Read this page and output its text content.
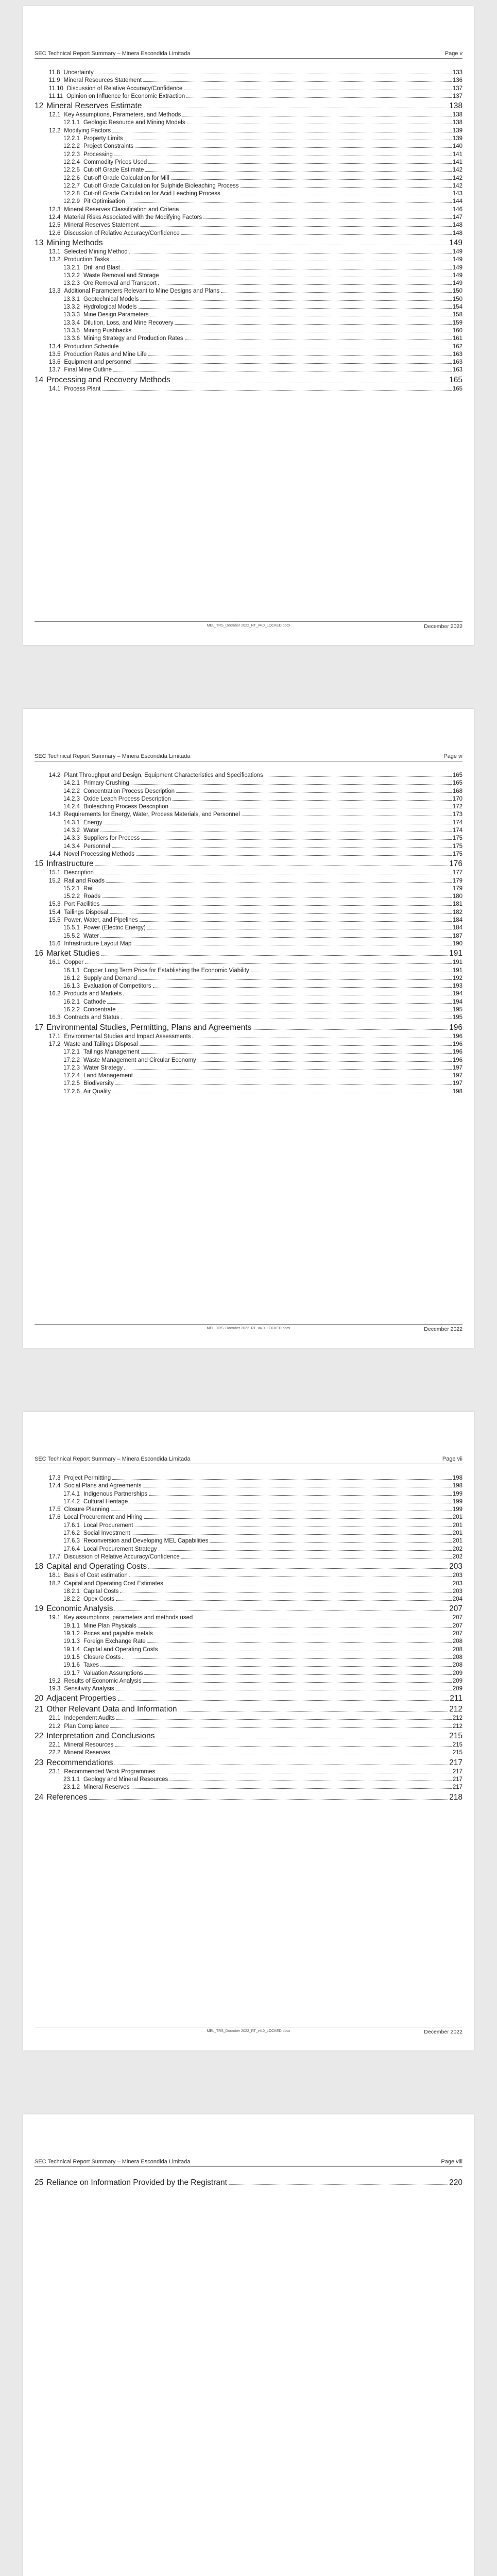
SEC Technical Report Summary – Minera Escondida Limitada	Page v
11.8 Uncertainty	133
11.9 Mineral Resources Statement	136
11.10 Discussion of Relative Accuracy/Confidence	137
11.11 Opinion on Influence for Economic Extraction	137
12 Mineral Reserves Estimate	138
12.1 Key Assumptions, Parameters, and Methods	138
12.1.1 Geologic Resource and Mining Models	138
12.2 Modifying Factors	139
12.2.1 Property Limits	139
12.2.2 Project Constraints	140
12.2.3 Processing	141
12.2.4 Commodity Prices Used	141
12.2.5 Cut-off Grade Estimate	142
12.2.6 Cut-off Grade Calculation for Mill	142
12.2.7 Cut-off Grade Calculation for Sulphide Bioleaching Process	142
12.2.8 Cut-off Grade Calculation for Acid Leaching Process	143
12.2.9 Pit Optimisation	144
12.3 Mineral Reserves Classification and Criteria	146
12.4 Material Risks Associated with the Modifying Factors	147
12.5 Mineral Reserves Statement	148
12.6 Discussion of Relative Accuracy/Confidence	148
13 Mining Methods	149
13.1 Selected Mining Method	149
13.2 Production Tasks	149
13.2.1 Drill and Blast	149
13.2.2 Waste Removal and Storage	149
13.2.3 Ore Removal and Transport	149
13.3 Additional Parameters Relevant to Mine Designs and Plans	150
13.3.1 Geotechnical Models	150
13.3.2 Hydrological Models	154
13.3.3 Mine Design Parameters	158
13.3.4 Dilution, Loss, and Mine Recovery	159
13.3.5 Mining Pushbacks	160
13.3.6 Mining Strategy and Production Rates	161
13.4 Production Schedule	162
13.5 Production Rates and Mine Life	163
13.6 Equipment and personnel	163
13.7 Final Mine Outline	163
14 Processing and Recovery Methods	165
14.1 Process Plant	165
MEL_TRS_Docmber 2022_RT_v4.0_LOCKED.docx	December 2022
SEC Technical Report Summary – Minera Escondida Limitada	Page vi
14.2 Plant Throughput and Design, Equipment Characteristics and Specifications	165
14.2.1 Primary Crushing	165
14.2.2 Concentration Process Description	168
14.2.3 Oxide Leach Process Description	170
14.2.4 Bioleaching Process Description	172
14.3 Requirements for Energy, Water, Process Materials, and Personnel	173
14.3.1 Energy	174
14.3.2 Water	174
14.3.3 Suppliers for Process	175
14.3.4 Personnel	175
14.4 Novel Processing Methods	175
15 Infrastructure	176
15.1 Description	177
15.2 Rail and Roads	179
15.2.1 Rail	179
15.2.2 Roads	180
15.3 Port Facilities	181
15.4 Tailings Disposal	182
15.5 Power, Water, and Pipelines	184
15.5.1 Power (Electric Energy)	184
15.5.2 Water	187
15.6 Infrastructure Layout Map	190
16 Market Studies	191
16.1 Copper	191
16.1.1 Copper Long Term Price for Establishing the Economic Viability	191
16.1.2 Supply and Demand	192
16.1.3 Evaluation of Competitors	193
16.2 Products and Markets	194
16.2.1 Cathode	194
16.2.2 Concentrate	195
16.3 Contracts and Status	195
17 Environmental Studies, Permitting, Plans and Agreements	196
17.1 Environmental Studies and Impact Assessments	196
17.2 Waste and Tailings Disposal	196
17.2.1 Tailings Management	196
17.2.2 Waste Management and Circular Economy	196
17.2.3 Water Strategy	197
17.2.4 Land Management	197
17.2.5 Biodiversity	197
17.2.6 Air Quality	198
MEL_TRS_Docmber 2022_RT_v4.0_LOCKED.docx	December 2022
SEC Technical Report Summary – Minera Escondida Limitada	Page vii
17.3 Project Permitting	198
17.4 Social Plans and Agreements	198
17.4.1 Indigenous Partnerships	199
17.4.2 Cultural Heritage	199
17.5 Closure Planning	199
17.6 Local Procurement and Hiring	201
17.6.1 Local Procurement	201
17.6.2 Social Investment	201
17.6.3 Reconversion and Developing MEL Capabilities	201
17.6.4 Local Procurement Strategy	202
17.7 Discussion of Relative Accuracy/Confidence	202
18 Capital and Operating Costs	203
18.1 Basis of Cost estimation	203
18.2 Capital and Operating Cost Estimates	203
18.2.1 Capital Costs	203
18.2.2 Opex Costs	204
19 Economic Analysis	207
19.1 Key assumptions, parameters and methods used	207
19.1.1 Mine Plan Physicals	207
19.1.2 Prices and payable metals	207
19.1.3 Foreign Exchange Rate	208
19.1.4 Capital and Operating Costs	208
19.1.5 Closure Costs	208
19.1.6 Taxes	208
19.1.7 Valuation Assumptions	209
19.2 Results of Economic Analysis	209
19.3 Sensitivity Analysis	209
20 Adjacent Properties	211
21 Other Relevant Data and Information	212
21.1 Independent Audits	212
21.2 Plan Compliance	212
22 Interpretation and Conclusions	215
22.1 Mineral Resources	215
22.2 Mineral Reserves	215
23 Recommendations	217
23.1 Recommended Work Programmes	217
23.1.1 Geology and Mineral Resources	217
23.1.2 Mineral Reserves	217
24 References	218
MEL_TRS_Docmber 2022_RT_v4.0_LOCKED.docx	December 2022
SEC Technical Report Summary – Minera Escondida Limitada	Page viii
25 Reliance on Information Provided by the Registrant	220
